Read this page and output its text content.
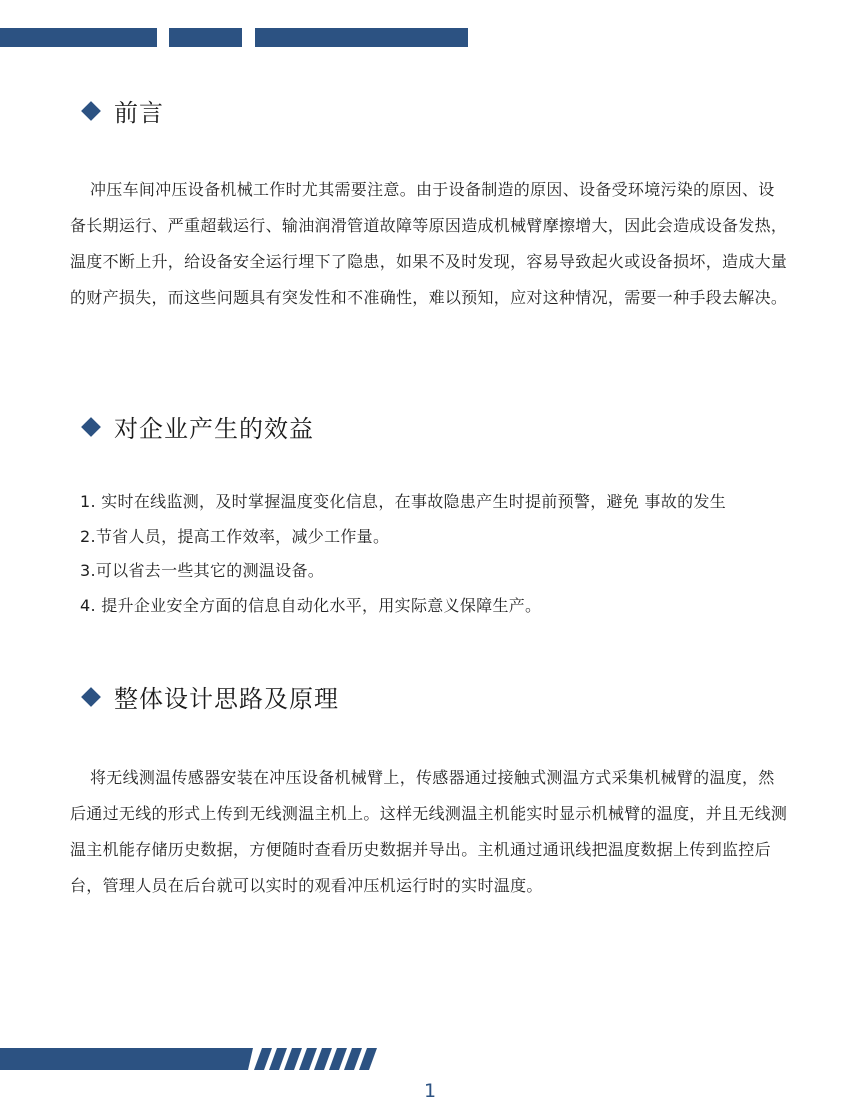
前言

冲压车间冲压设备机械工作时尤其需要注意。由于设备制造的原因、设备受环境污染的原因、设备长期运行、严重超载运行、输油润滑管道故障等原因造成机械臂摩擦增大，因此会造成设备发热，温度不断上升，给设备安全运行埋下了隐患，如果不及时发现，容易导致起火或设备损坏，造成大量的财产损失，而这些问题具有突发性和不准确性，难以预知，应对这种情况，需要一种手段去解决。

对企业产生的效益
1. 实时在线监测，及时掌握温度变化信息，在事故隐患产生时提前预警，避免 事故的发生
2.节省人员，提高工作效率，减少工作量。
3.可以省去一些其它的测温设备。
4. 提升企业安全方面的信息自动化水平，用实际意义保障生产。
整体设计思路及原理

将无线测温传感器安装在冲压设备机械臂上，传感器通过接触式测温方式采集机械臂的温度，然后通过无线的形式上传到无线测温主机上。这样无线测温主机能实时显示机械臂的温度，并且无线测温主机能存储历史数据，方便随时查看历史数据并导出。主机通过通讯线把温度数据上传到监控后台，管理人员在后台就可以实时的观看冲压机运行时的实时温度。

1
